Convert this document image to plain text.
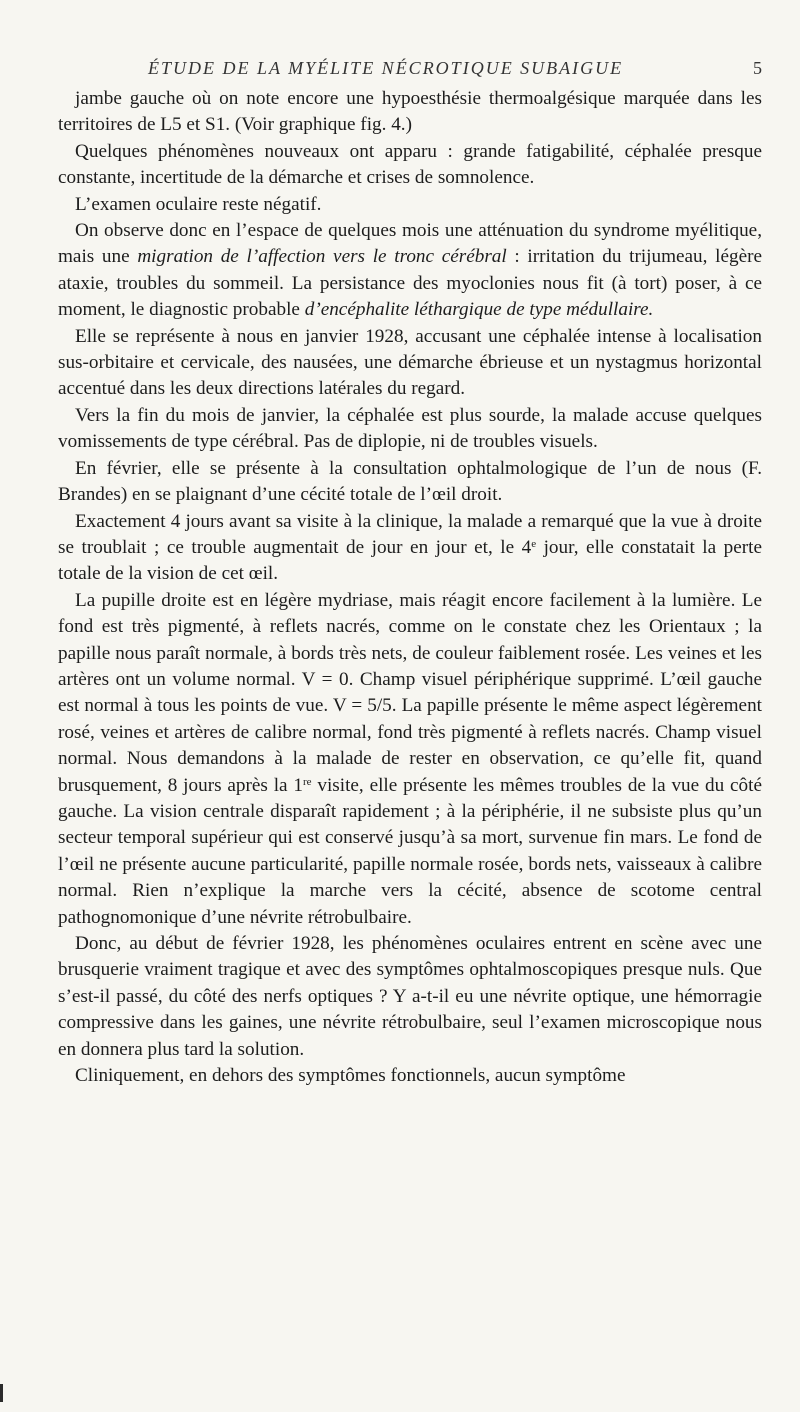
ÉTUDE DE LA MYÉLITE NÉCROTIQUE SUBAIGUE	5

jambe gauche où on note encore une hypoesthésie thermoalgésique marquée dans les territoires de L5 et S1. (Voir graphique fig. 4.)

Quelques phénomènes nouveaux ont apparu : grande fatigabilité, céphalée presque constante, incertitude de la démarche et crises de somnolence.

L’examen oculaire reste négatif.

On observe donc en l’espace de quelques mois une atténuation du syndrome myélitique, mais une migration de l’affection vers le tronc cérébral : irritation du trijumeau, légère ataxie, troubles du sommeil. La persistance des myoclonies nous fit (à tort) poser, à ce moment, le diagnostic probable d’encéphalite léthargique de type médullaire.

Elle se représente à nous en janvier 1928, accusant une céphalée intense à localisation sus-orbitaire et cervicale, des nausées, une démarche ébrieuse et un nystagmus horizontal accentué dans les deux directions latérales du regard.

Vers la fin du mois de janvier, la céphalée est plus sourde, la malade accuse quelques vomissements de type cérébral. Pas de diplopie, ni de troubles visuels.

En février, elle se présente à la consultation ophtalmologique de l’un de nous (F. Brandes) en se plaignant d’une cécité totale de l’œil droit.

Exactement 4 jours avant sa visite à la clinique, la malade a remarqué que la vue à droite se troublait ; ce trouble augmentait de jour en jour et, le 4e jour, elle constatait la perte totale de la vision de cet œil.

La pupille droite est en légère mydriase, mais réagit encore facilement à la lumière. Le fond est très pigmenté, à reflets nacrés, comme on le constate chez les Orientaux ; la papille nous paraît normale, à bords très nets, de couleur faiblement rosée. Les veines et les artères ont un volume normal. V = 0. Champ visuel périphérique supprimé. L’œil gauche est normal à tous les points de vue. V = 5/5. La papille présente le même aspect légèrement rosé, veines et artères de calibre normal, fond très pigmenté à reflets nacrés. Champ visuel normal. Nous demandons à la malade de rester en observation, ce qu’elle fit, quand brusquement, 8 jours après la 1re visite, elle présente les mêmes troubles de la vue du côté gauche. La vision centrale disparaît rapidement ; à la périphérie, il ne subsiste plus qu’un secteur temporal supérieur qui est conservé jusqu’à sa mort, survenue fin mars. Le fond de l’œil ne présente aucune particularité, papille normale rosée, bords nets, vaisseaux à calibre normal. Rien n’explique la marche vers la cécité, absence de scotome central pathognomonique d’une névrite rétrobulbaire.

Donc, au début de février 1928, les phénomènes oculaires entrent en scène avec une brusquerie vraiment tragique et avec des symptômes ophtalmoscopiques presque nuls. Que s’est-il passé, du côté des nerfs optiques ? Y a-t-il eu une névrite optique, une hémorragie compressive dans les gaines, une névrite rétrobulbaire, seul l’examen microscopique nous en donnera plus tard la solution.

Cliniquement, en dehors des symptômes fonctionnels, aucun symptôme
